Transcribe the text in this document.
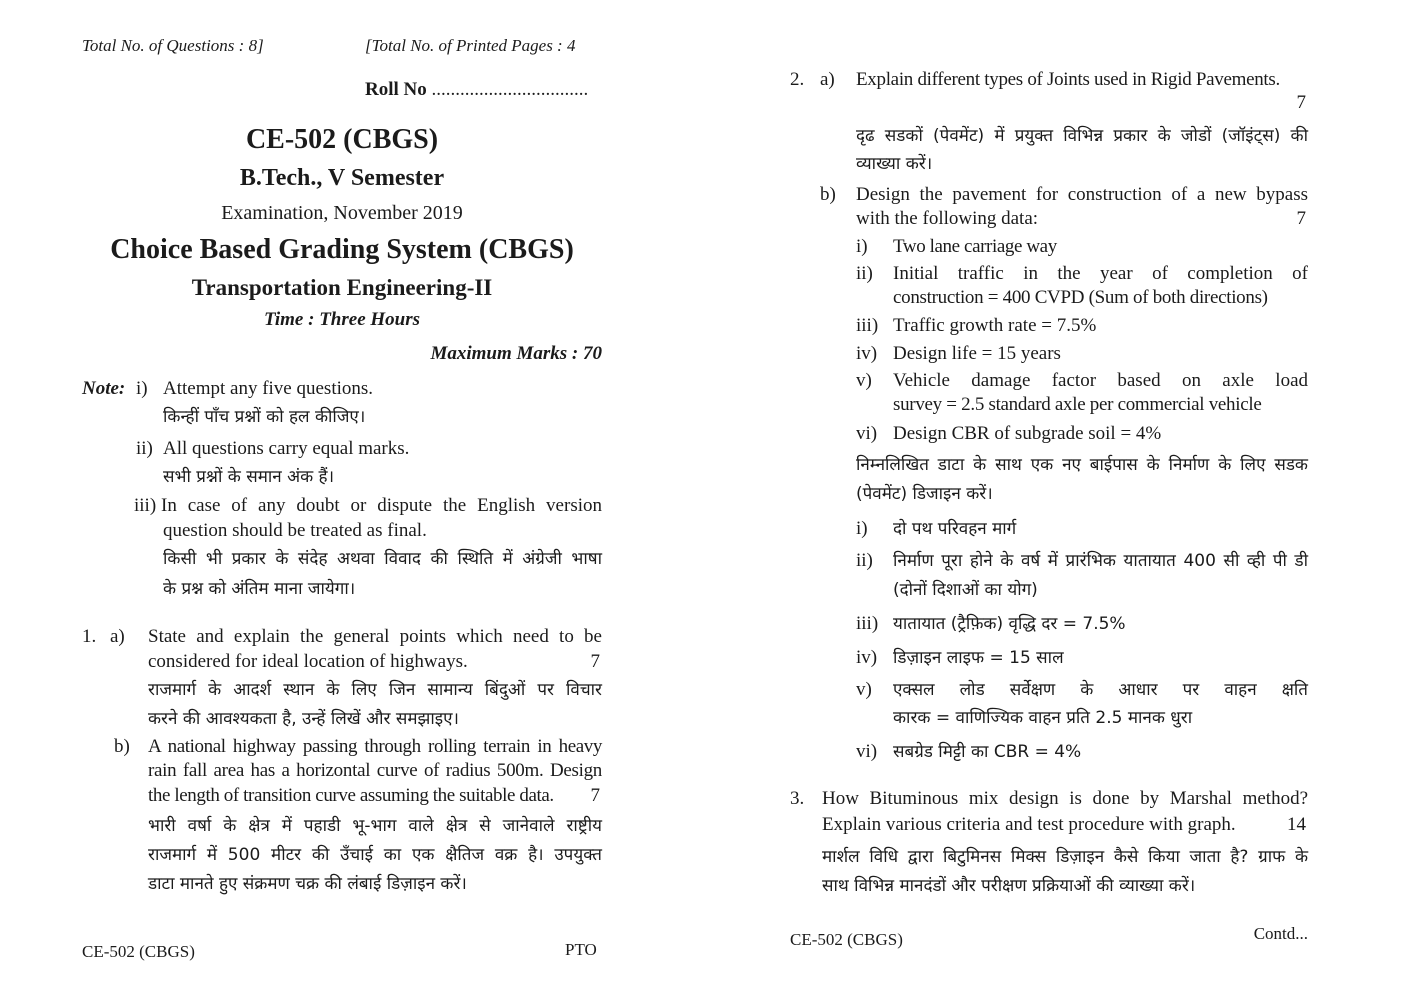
Total No. of Questions : 8]	[Total No. of Printed Pages : 4
Roll No .................................
CE-502 (CBGS)
B.Tech., V Semester
Examination, November 2019
Choice Based Grading System (CBGS)
Transportation Engineering-II
Time : Three Hours
Maximum Marks : 70
Note: i) Attempt any five questions.
किन्हीं पाँच प्रश्नों को हल कीजिए।
ii) All questions carry equal marks.
सभी प्रश्नों के समान अंक हैं।
iii) In case of any doubt or dispute the English version
question should be treated as final.
किसी भी प्रकार के संदेह अथवा विवाद की स्थिति में अंग्रेजी भाषा
के प्रश्न को अंतिम माना जायेगा।
1. a) State and explain the general points which need to be
considered for ideal location of highways.	7
राजमार्ग के आदर्श स्थान के लिए जिन सामान्य बिंदुओं पर विचार
करने की आवश्यकता है, उन्हें लिखें और समझाइए।
b) A national highway passing through rolling terrain in heavy
rain fall area has a horizontal curve of radius 500m. Design
the length of transition curve assuming the suitable data. 7
भारी वर्षा के क्षेत्र में पहाडी भू-भाग वाले क्षेत्र से जानेवाले राष्ट्रीय
राजमार्ग में 500 मीटर की उँचाई का एक क्षैतिज वक्र है। उपयुक्त
डाटा मानते हुए संक्रमण चक्र की लंबाई डिज़ाइन करें।
CE-502 (CBGS)	PTO
2. a) Explain different types of Joints used in Rigid Pavements.
7
दृढ सडकों (पेवमेंट) में प्रयुक्त विभिन्न प्रकार के जोडों (जॉइंट्स) की
व्याख्या करें।
b) Design the pavement for construction of a new bypass
with the following data:	7
i) Two lane carriage way
ii) Initial traffic in the year of completion of
construction = 400 CVPD (Sum of both directions)
iii) Traffic growth rate = 7.5%
iv) Design life = 15 years
v) Vehicle damage factor based on axle load
survey = 2.5 standard axle per commercial vehicle
vi) Design CBR of subgrade soil = 4%
निम्नलिखित डाटा के साथ एक नए बाईपास के निर्माण के लिए सडक
(पेवमेंट) डिजाइन करें।
i) दो पथ परिवहन मार्ग
ii) निर्माण पूरा होने के वर्ष में प्रारंभिक यातायात 400 सी व्ही पी डी
(दोनों दिशाओं का योग)
iii) यातायात (ट्रैफ़िक) वृद्धि दर = 7.5%
iv) डिज़ाइन लाइफ = 15 साल
v) एक्सल लोड सर्वेक्षण के आधार पर वाहन क्षति
कारक = वाणिज्यिक वाहन प्रति 2.5 मानक धुरा
vi) सबग्रेड मिट्टी का CBR = 4%
3. How Bituminous mix design is done by Marshal method?
Explain various criteria and test procedure with graph.	14
मार्शल विधि द्वारा बिटुमिनस मिक्स डिज़ाइन कैसे किया जाता है? ग्राफ के
साथ विभिन्न मानदंडों और परीक्षण प्रक्रियाओं की व्याख्या करें।
CE-502 (CBGS)	Contd...
